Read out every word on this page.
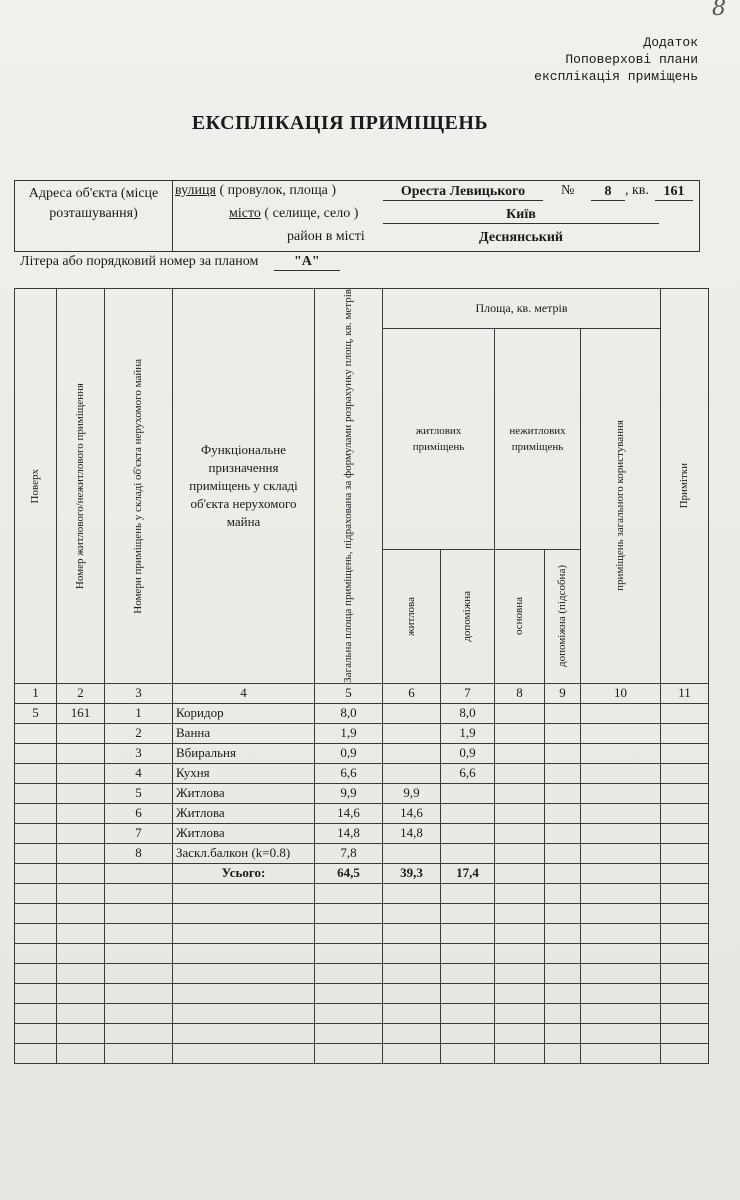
8
Додаток
Поповерхові плани
експлікація приміщень
ЕКСПЛІКАЦІЯ ПРИМІЩЕНЬ
Адреса об'єкта (місце розташування)
вулиця ( провулок, площа )	Ореста Левицького	№	8 , кв.	161
місто ( селище, село )	Київ
район в місті	Деснянський
Літера або порядковий номер за планом	"А"
Поверх	Номер житлового/нежитлового приміщення	Номери приміщень у складі об'єкта нерухомого майна	Функціональне призначення приміщень у складі об'єкта нерухомого майна	Загальна площа приміщень, підрахована за формулами розрахунку площ, кв. метрів	Площа, кв. метрів					Примітки

					житлових приміщень		нежитлових приміщень		приміщень загального користування	

					житлова	допоміжна	основна	допоміжна (підсобна)		

1	2	3	4	5	6	7	8	9	10	11
5	161	1	Коридор	8,0		8,0				
		2	Ванна	1,9		1,9				
		3	Вбиральня	0,9		0,9				
		4	Кухня	6,6		6,6				
		5	Житлова	9,9	9,9					
		6	Житлова	14,6	14,6					
		7	Житлова	14,8	14,8					
		8	Заскл.балкон (k=0.8)	7,8						
			Усього:	64,5	39,3	17,4				
